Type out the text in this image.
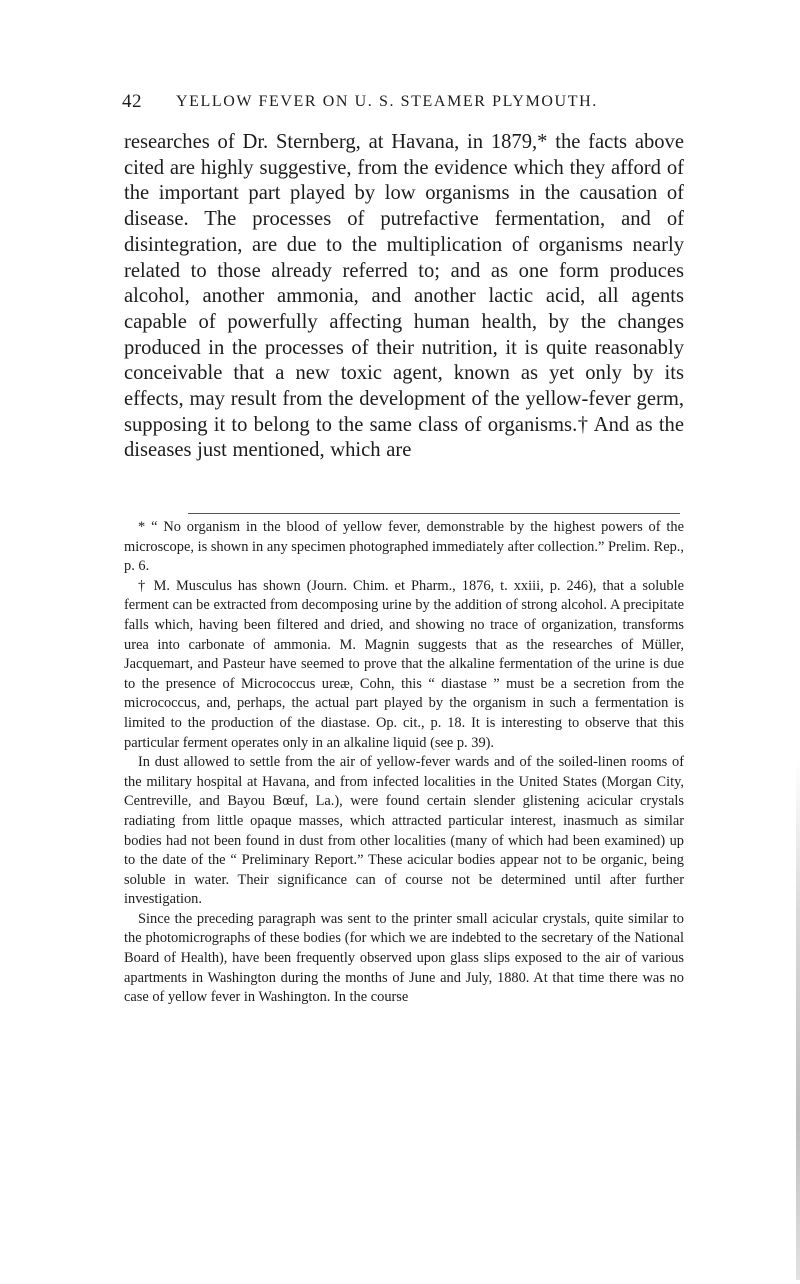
42 YELLOW FEVER ON U. S. STEAMER PLYMOUTH.

researches of Dr. Sternberg, at Havana, in 1879,* the facts above cited are highly suggestive, from the evidence which they afford of the important part played by low organisms in the causation of disease. The processes of putrefactive fermentation, and of disintegration, are due to the multiplication of organisms nearly related to those already referred to; and as one form produces alcohol, another ammonia, and another lactic acid, all agents capable of powerfully affecting human health, by the changes produced in the processes of their nutrition, it is quite reasonably conceivable that a new toxic agent, known as yet only by its effects, may result from the development of the yellow-fever germ, supposing it to belong to the same class of organisms.† And as the diseases just mentioned, which are

* “ No organism in the blood of yellow fever, demonstrable by the highest powers of the microscope, is shown in any specimen photographed immediately after collection.” Prelim. Rep., p. 6.

† M. Musculus has shown (Journ. Chim. et Pharm., 1876, t. xxiii, p. 246), that a soluble ferment can be extracted from decomposing urine by the addition of strong alcohol. A precipitate falls which, having been filtered and dried, and showing no trace of organization, transforms urea into carbonate of ammonia. M. Magnin suggests that as the researches of Müller, Jacquemart, and Pasteur have seemed to prove that the alkaline fermentation of the urine is due to the presence of Micrococcus ureæ, Cohn, this “ diastase ” must be a secretion from the micrococcus, and, perhaps, the actual part played by the organism in such a fermentation is limited to the production of the diastase. Op. cit., p. 18. It is interesting to observe that this particular ferment operates only in an alkaline liquid (see p. 39).

In dust allowed to settle from the air of yellow-fever wards and of the soiled-linen rooms of the military hospital at Havana, and from infected localities in the United States (Morgan City, Centreville, and Bayou Bœuf, La.), were found certain slender glistening acicular crystals radiating from little opaque masses, which attracted particular interest, inasmuch as similar bodies had not been found in dust from other localities (many of which had been examined) up to the date of the “ Preliminary Report.” These acicular bodies appear not to be organic, being soluble in water. Their significance can of course not be determined until after further investigation.

Since the preceding paragraph was sent to the printer small acicular crystals, quite similar to the photomicrographs of these bodies (for which we are indebted to the secretary of the National Board of Health), have been frequently observed upon glass slips exposed to the air of various apartments in Washington during the months of June and July, 1880. At that time there was no case of yellow fever in Washington. In the course
